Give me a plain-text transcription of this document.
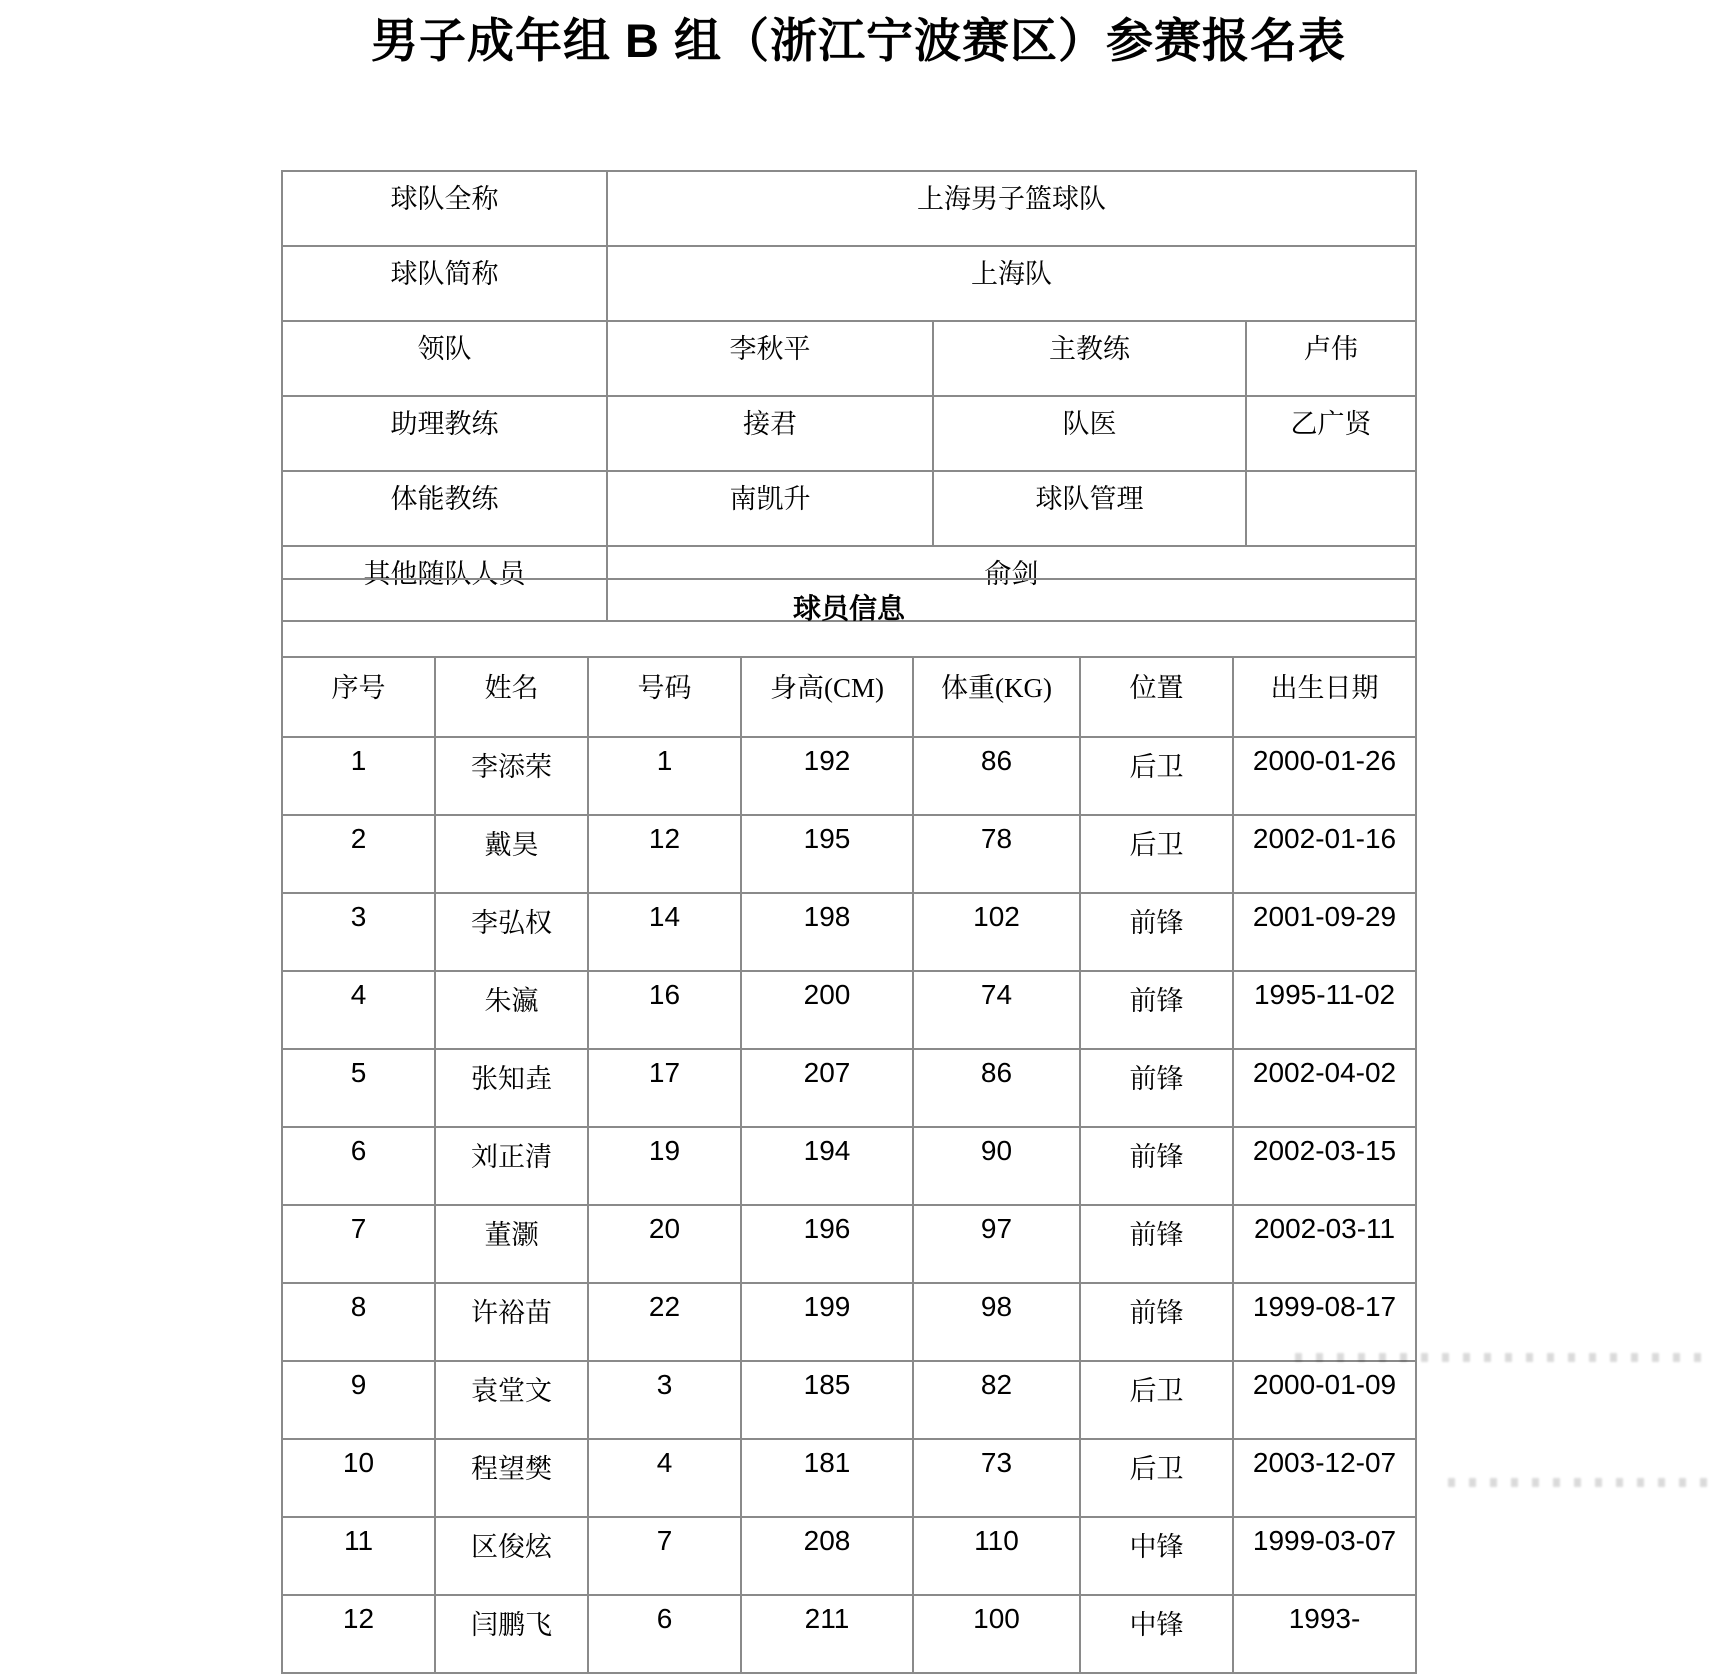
男子成年组 B 组（浙江宁波赛区）参赛报名表
球队全称	上海男子篮球队		
球队简称	上海队		
领队	李秋平	主教练	卢伟
助理教练	接君	队医	乙广贤
体能教练	南凯升	球队管理	
其他随队人员	俞剑		
球员信息						
序号	姓名	号码	身高(CM)	体重(KG)	位置	出生日期
1	李添荣	1	192	86	后卫	2000-01-26
2	戴昊	12	195	78	后卫	2002-01-16
3	李弘权	14	198	102	前锋	2001-09-29
4	朱瀛	16	200	74	前锋	1995-11-02
5	张知垚	17	207	86	前锋	2002-04-02
6	刘正清	19	194	90	前锋	2002-03-15
7	董灏	20	196	97	前锋	2002-03-11
8	许裕苗	22	199	98	前锋	1999-08-17
9	袁堂文	3	185	82	后卫	2000-01-09
10	程望樊	4	181	73	后卫	2003-12-07
11	区俊炫	7	208	110	中锋	1999-03-07
12	闫鹏飞	6	211	100	中锋	1993-
